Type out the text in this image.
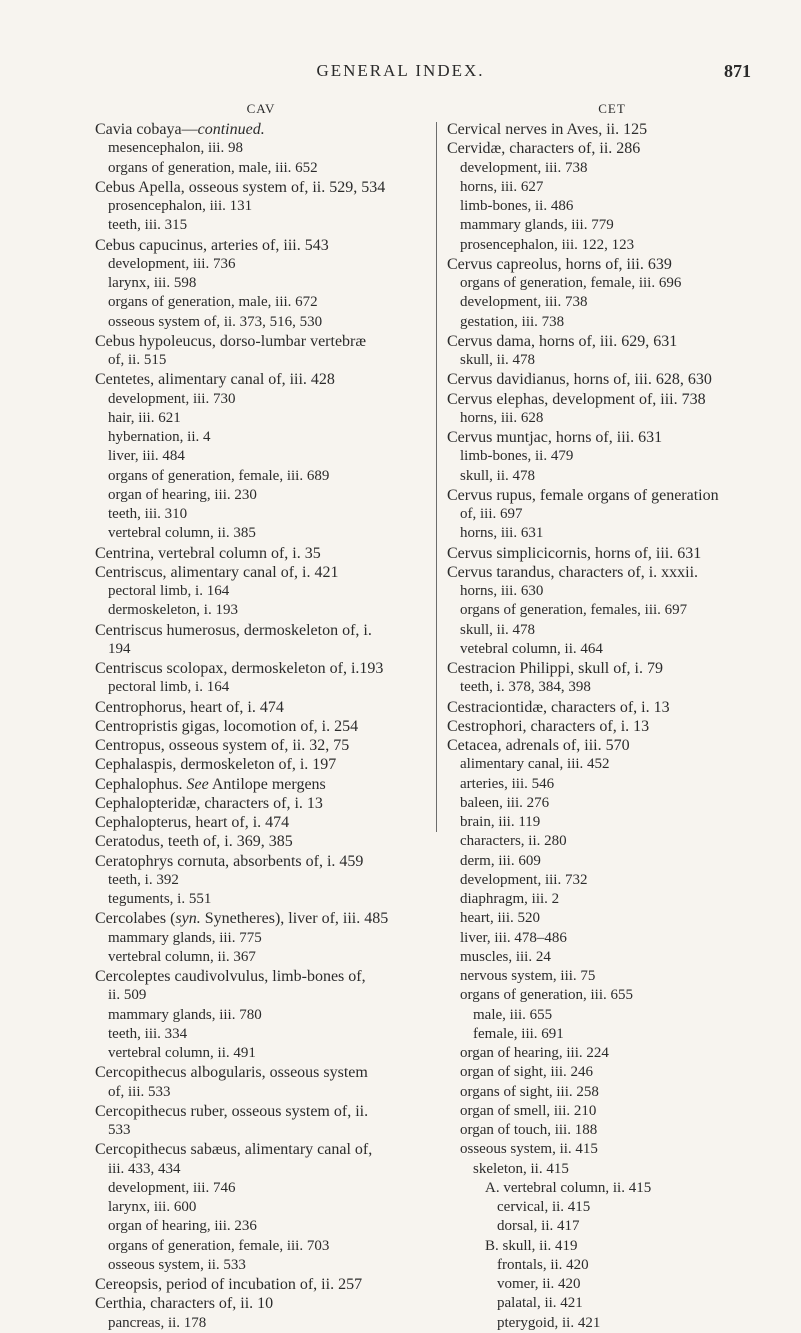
GENERAL INDEX.	871
CAV
Cavia cobaya—continued.
mesencephalon, iii. 98
organs of generation, male, iii. 652
Cebus Apella, osseous system of, ii. 529, 534
prosencephalon, iii. 131
teeth, iii. 315
Cebus capucinus, arteries of, iii. 543
development, iii. 736
larynx, iii. 598
organs of generation, male, iii. 672
osseous system of, ii. 373, 516, 530
Cebus hypoleucus, dorso-lumbar vertebræ
of, ii. 515
Centetes, alimentary canal of, iii. 428
development, iii. 730
hair, iii. 621
hybernation, ii. 4
liver, iii. 484
organs of generation, female, iii. 689
organ of hearing, iii. 230
teeth, iii. 310
vertebral column, ii. 385
Centrina, vertebral column of, i. 35
Centriscus, alimentary canal of, i. 421
pectoral limb, i. 164
dermoskeleton, i. 193
Centriscus humerosus, dermoskeleton of, i.
194
Centriscus scolopax, dermoskeleton of, i.193
pectoral limb, i. 164
Centrophorus, heart of, i. 474
Centropristis gigas, locomotion of, i. 254
Centropus, osseous system of, ii. 32, 75
Cephalaspis, dermoskeleton of, i. 197
Cephalophus. See Antilope mergens
Cephalopteridæ, characters of, i. 13
Cephalopterus, heart of, i. 474
Ceratodus, teeth of, i. 369, 385
Ceratophrys cornuta, absorbents of, i. 459
teeth, i. 392
teguments, i. 551
Cercolabes (syn. Synetheres), liver of, iii. 485
mammary glands, iii. 775
vertebral column, ii. 367
Cercoleptes caudivolvulus, limb-bones of,
ii. 509
mammary glands, iii. 780
teeth, iii. 334
vertebral column, ii. 491
Cercopithecus albogularis, osseous system
of, iii. 533
Cercopithecus ruber, osseous system of, ii.
533
Cercopithecus sabæus, alimentary canal of,
iii. 433, 434
development, iii. 746
larynx, iii. 600
organ of hearing, iii. 236
organs of generation, female, iii. 703
osseous system, ii. 533
Cereopsis, period of incubation of, ii. 257
Certhia, characters of, ii. 10
pancreas, ii. 178
CET
Cervical nerves in Aves, ii. 125
Cervidæ, characters of, ii. 286
development, iii. 738
horns, iii. 627
limb-bones, ii. 486
mammary glands, iii. 779
prosencephalon, iii. 122, 123
Cervus capreolus, horns of, iii. 639
organs of generation, female, iii. 696
development, iii. 738
gestation, iii. 738
Cervus dama, horns of, iii. 629, 631
skull, ii. 478
Cervus davidianus, horns of, iii. 628, 630
Cervus elephas, development of, iii. 738
horns, iii. 628
Cervus muntjac, horns of, iii. 631
limb-bones, ii. 479
skull, ii. 478
Cervus rupus, female organs of generation
of, iii. 697
horns, iii. 631
Cervus simplicicornis, horns of, iii. 631
Cervus tarandus, characters of, i. xxxii.
horns, iii. 630
organs of generation, females, iii. 697
skull, ii. 478
vetebral column, ii. 464
Cestracion Philippi, skull of, i. 79
teeth, i. 378, 384, 398
Cestraciontidæ, characters of, i. 13
Cestrophori, characters of, i. 13
Cetacea, adrenals of, iii. 570
alimentary canal, iii. 452
arteries, iii. 546
baleen, iii. 276
brain, iii. 119
characters, ii. 280
derm, iii. 609
development, iii. 732
diaphragm, iii. 2
heart, iii. 520
liver, iii. 478–486
muscles, iii. 24
nervous system, iii. 75
organs of generation, iii. 655
male, iii. 655
female, iii. 691
organ of hearing, iii. 224
organ of sight, iii. 246
organs of sight, iii. 258
organ of smell, iii. 210
organ of touch, iii. 188
osseous system, ii. 415
skeleton, ii. 415
A. vertebral column, ii. 415
cervical, ii. 415
dorsal, ii. 417
B. skull, ii. 419
frontals, ii. 420
vomer, ii. 420
palatal, ii. 421
pterygoid, ii. 421
